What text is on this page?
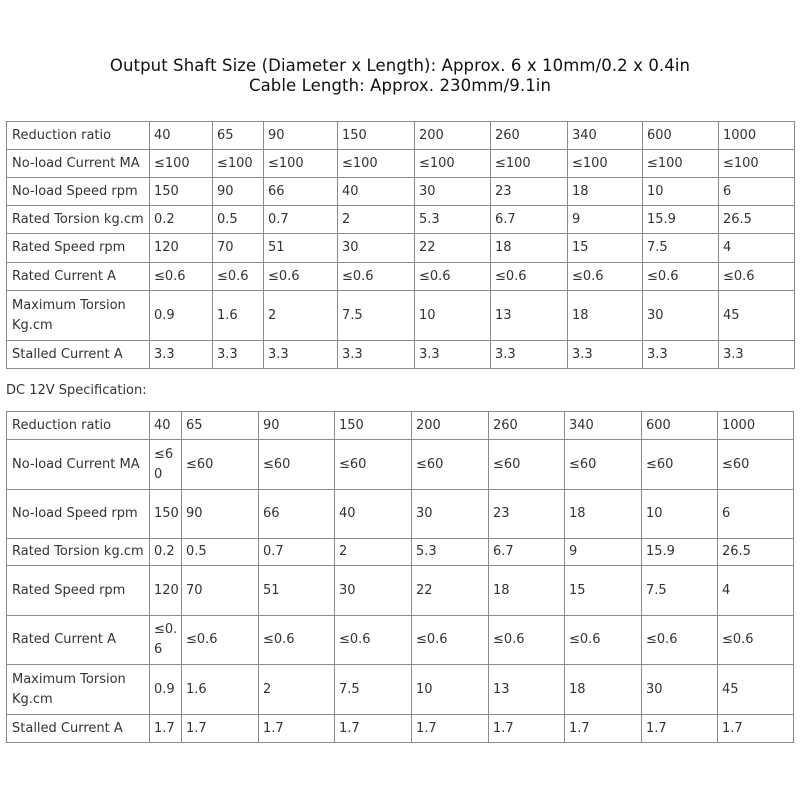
Output Shaft Size (Diameter x Length): Approx. 6 x 10mm/0.2 x 0.4in
Cable Length: Approx. 230mm/9.1in
Reduction ratio	40	65	90	150	200	260	340	600	1000
No-load Current MA	≤100	≤100	≤100	≤100	≤100	≤100	≤100	≤100	≤100
No-load Speed rpm	150	90	66	40	30	23	18	10	6
Rated Torsion kg.cm	0.2	0.5	0.7	2	5.3	6.7	9	15.9	26.5
Rated Speed rpm	120	70	51	30	22	18	15	7.5	4
Rated Current A	≤0.6	≤0.6	≤0.6	≤0.6	≤0.6	≤0.6	≤0.6	≤0.6	≤0.6
Maximum Torsion Kg.cm	0.9	1.6	2	7.5	10	13	18	30	45
Stalled Current A	3.3	3.3	3.3	3.3	3.3	3.3	3.3	3.3	3.3
DC 12V Specification:
Reduction ratio	40	65	90	150	200	260	340	600	1000
No-load Current MA	≤60	≤60	≤60	≤60	≤60	≤60	≤60	≤60	≤60
No-load Speed rpm	150	90	66	40	30	23	18	10	6
Rated Torsion kg.cm	0.2	0.5	0.7	2	5.3	6.7	9	15.9	26.5
Rated Speed rpm	120	70	51	30	22	18	15	7.5	4
Rated Current A	≤0.6	≤0.6	≤0.6	≤0.6	≤0.6	≤0.6	≤0.6	≤0.6	≤0.6
Maximum Torsion Kg.cm	0.9	1.6	2	7.5	10	13	18	30	45
Stalled Current A	1.7	1.7	1.7	1.7	1.7	1.7	1.7	1.7	1.7
